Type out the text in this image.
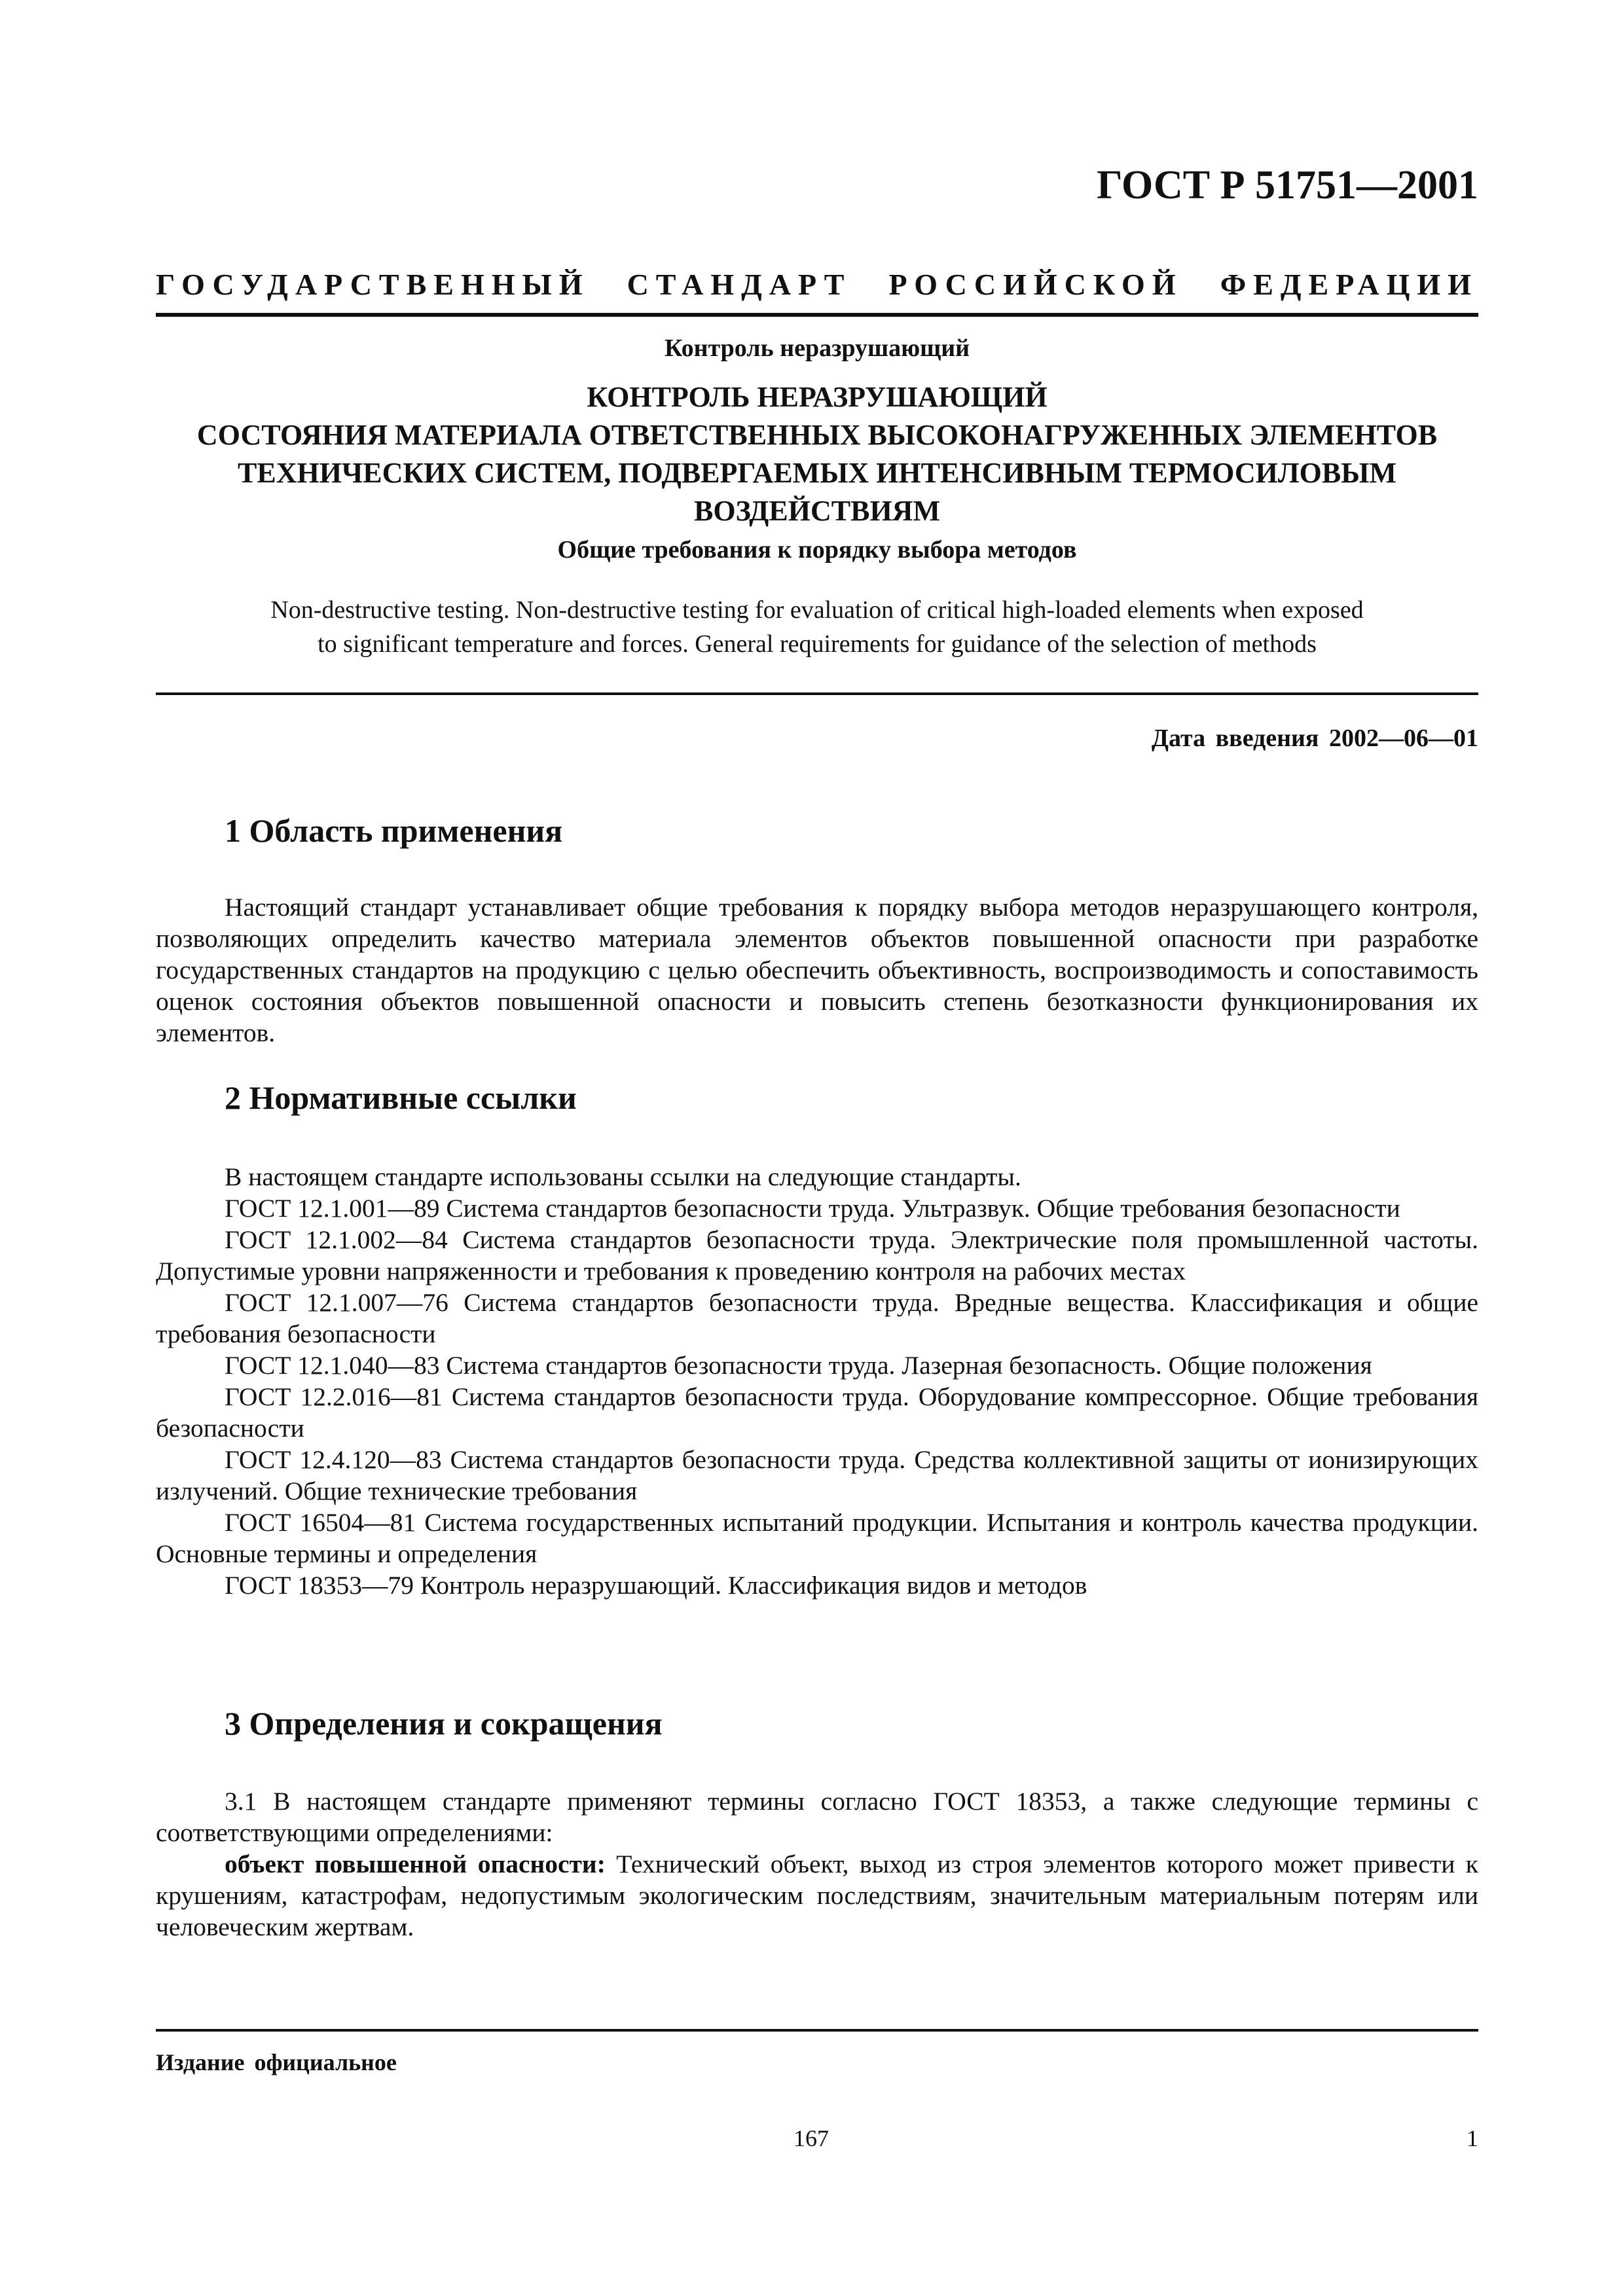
ГОСТ Р 51751—2001
ГОСУДАРСТВЕННЫЙ СТАНДАРТ РОССИЙСКОЙ ФЕДЕРАЦИИ
Контроль неразрушающий
КОНТРОЛЬ НЕРАЗРУШАЮЩИЙ
СОСТОЯНИЯ МАТЕРИАЛА ОТВЕТСТВЕННЫХ ВЫСОКОНАГРУЖЕННЫХ ЭЛЕМЕНТОВ
ТЕХНИЧЕСКИХ СИСТЕМ, ПОДВЕРГАЕМЫХ ИНТЕНСИВНЫМ ТЕРМОСИЛОВЫМ
ВОЗДЕЙСТВИЯМ
Общие требования к порядку выбора методов
Non-destructive testing. Non-destructive testing for evaluation of critical high-loaded elements when exposed
to significant temperature and forces. General requirements for guidance of the selection of methods
Дата введения 2002—06—01
1 Область применения

Настоящий стандарт устанавливает общие требования к порядку выбора методов неразрушающего контроля, позволяющих определить качество материала элементов объектов повышенной опасности при разработке государственных стандартов на продукцию с целью обеспечить объективность, воспроизводимость и сопоставимость оценок состояния объектов повышенной опасности и повысить степень безотказности функционирования их элементов.

2 Нормативные ссылки

В настоящем стандарте использованы ссылки на следующие стандарты.

ГОСТ 12.1.001—89 Система стандартов безопасности труда. Ультразвук. Общие требования безопасности

ГОСТ 12.1.002—84 Система стандартов безопасности труда. Электрические поля промышленной частоты. Допустимые уровни напряженности и требования к проведению контроля на рабочих местах

ГОСТ 12.1.007—76 Система стандартов безопасности труда. Вредные вещества. Классификация и общие требования безопасности

ГОСТ 12.1.040—83 Система стандартов безопасности труда. Лазерная безопасность. Общие положения

ГОСТ 12.2.016—81 Система стандартов безопасности труда. Оборудование компрессорное. Общие требования безопасности

ГОСТ 12.4.120—83 Система стандартов безопасности труда. Средства коллективной защиты от ионизирующих излучений. Общие технические требования

ГОСТ 16504—81 Система государственных испытаний продукции. Испытания и контроль качества продукции. Основные термины и определения

ГОСТ 18353—79 Контроль неразрушающий. Классификация видов и методов

3 Определения и сокращения

3.1 В настоящем стандарте применяют термины согласно ГОСТ 18353, а также следующие термины с соответствующими определениями:

объект повышенной опасности: Технический объект, выход из строя элементов которого может привести к крушениям, катастрофам, недопустимым экологическим последствиям, значительным материальным потерям или человеческим жертвам.

Издание официальное
167	1
